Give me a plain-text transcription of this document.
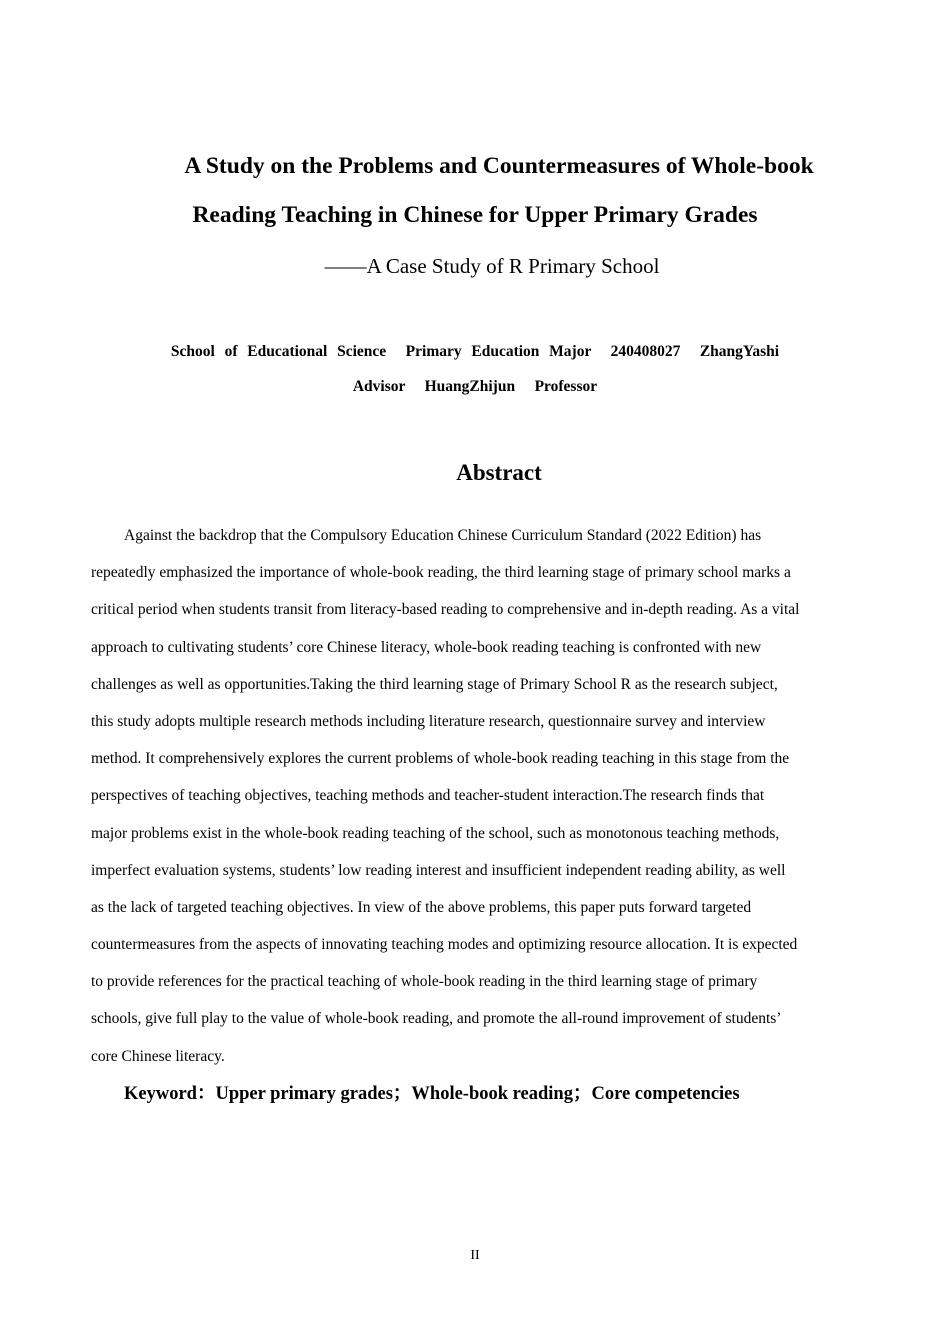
A Study on the Problems and Countermeasures of Whole-book
Reading Teaching in Chinese for Upper Primary Grades
——A Case Study of R Primary School
School  of  Educational  Science    Primary  Education  Major    240408027    ZhangYashi
Advisor    HuangZhijun    Professor
Abstract
Against the backdrop that the Compulsory Education Chinese Curriculum Standard (2022 Edition) has
repeatedly emphasized the importance of whole-book reading, the third learning stage of primary school marks a
critical period when students transit from literacy-based reading to comprehensive and in-depth reading. As a vital
approach to cultivating students’ core Chinese literacy, whole-book reading teaching is confronted with new
challenges as well as opportunities.Taking the third learning stage of Primary School R as the research subject,
this study adopts multiple research methods including literature research, questionnaire survey and interview
method. It comprehensively explores the current problems of whole-book reading teaching in this stage from the
perspectives of teaching objectives, teaching methods and teacher-student interaction.The research finds that
major problems exist in the whole-book reading teaching of the school, such as monotonous teaching methods,
imperfect evaluation systems, students’ low reading interest and insufficient independent reading ability, as well
as the lack of targeted teaching objectives. In view of the above problems, this paper puts forward targeted
countermeasures from the aspects of innovating teaching modes and optimizing resource allocation. It is expected
to provide references for the practical teaching of whole-book reading in the third learning stage of primary
schools, give full play to the value of whole-book reading, and promote the all-round improvement of students’
core Chinese literacy.
Keyword：Upper primary grades；Whole-book reading；Core competencies
II
